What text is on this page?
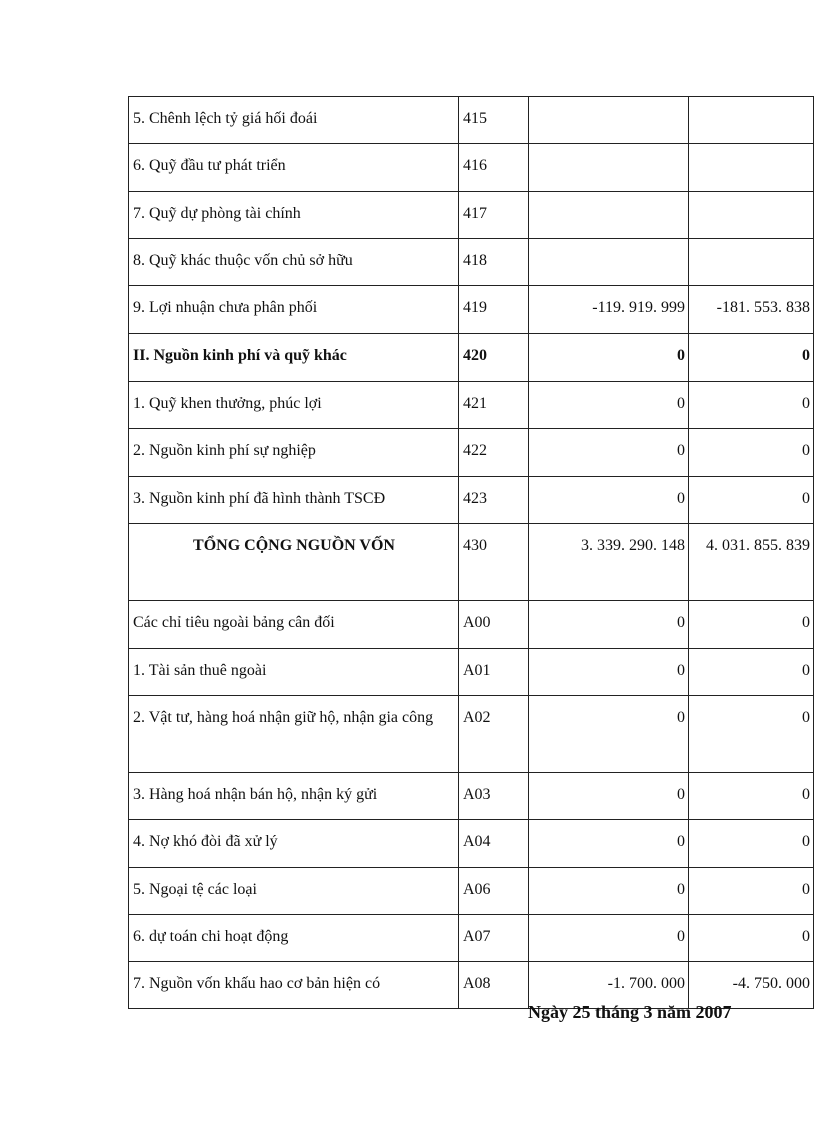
5. Chênh lệch tỷ giá hối đoái	415		
6. Quỹ đầu tư phát triển	416		
7. Quỹ dự phòng tài chính	417		
8. Quỹ khác thuộc vốn chủ sở hữu	418		
9. Lợi nhuận chưa phân phối	419	-119. 919. 999	-181. 553. 838
II. Nguồn kinh phí và quỹ khác	420	0	0
1. Quỹ khen thưởng, phúc lợi	421	0	0
2. Nguồn kinh phí sự nghiệp	422	0	0
3. Nguồn kinh phí đã hình thành TSCĐ	423	0	0
TỔNG CỘNG NGUỒN VỐN	430	3. 339. 290. 148	4. 031. 855. 839
Các chỉ tiêu ngoài bảng cân đối	A00	0	0
1. Tài sản thuê ngoài	A01	0	0
2. Vật tư, hàng hoá nhận giữ hộ, nhận gia công	A02	0	0
3. Hàng hoá nhận bán hộ, nhận ký gửi	A03	0	0
4. Nợ khó đòi đã xử lý	A04	0	0
5. Ngoại tệ các loại	A06	0	0
6. dự toán chi hoạt động	A07	0	0
7. Nguồn vốn khấu hao cơ bản hiện có	A08	-1. 700. 000	-4. 750. 000
Ngày 25 tháng 3 năm 2007
